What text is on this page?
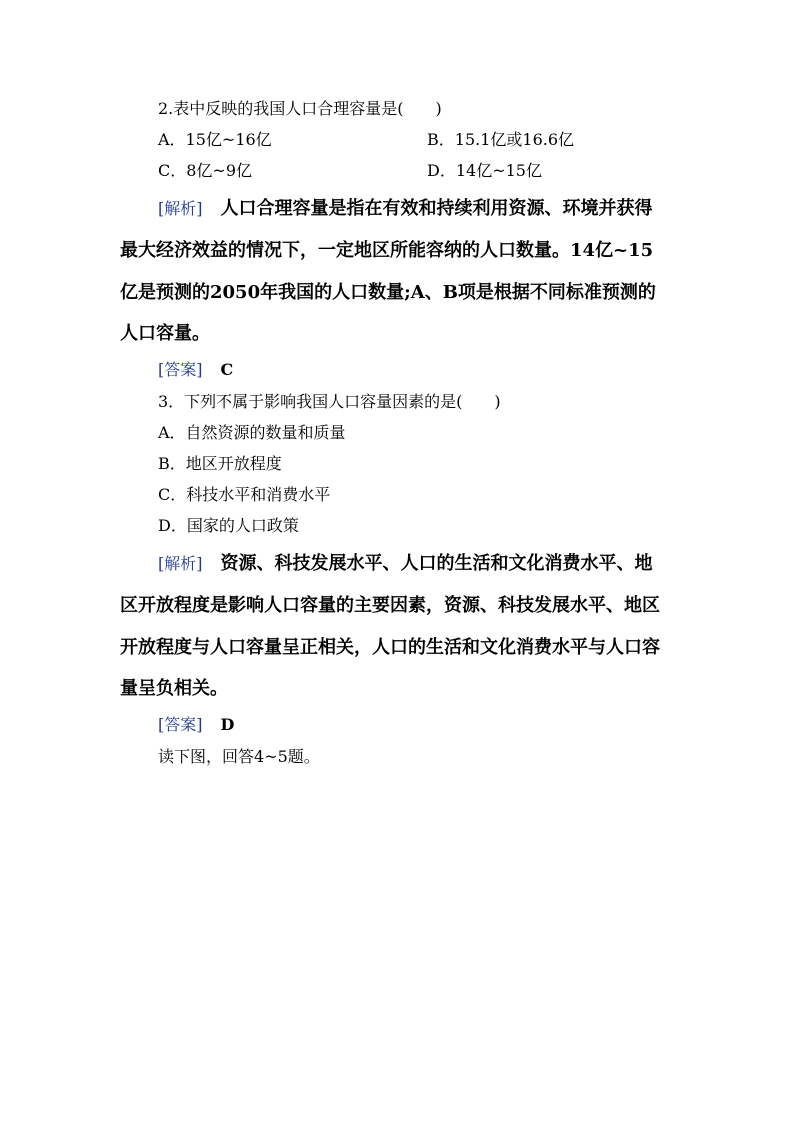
2.表中反映的我国人口合理容量是(　　)
A．15亿~16亿	B．15.1亿或16.6亿
C．8亿~9亿	D．14亿~15亿
[解析] 人口合理容量是指在有效和持续利用资源、环境并获得
最大经济效益的情况下，一定地区所能容纳的人口数量。14亿~15
亿是预测的2050年我国的人口数量;A、B项是根据不同标准预测的
人口容量。
[答案] C
3．下列不属于影响我国人口容量因素的是(　　)
A．自然资源的数量和质量
B．地区开放程度
C．科技水平和消费水平
D．国家的人口政策
[解析] 资源、科技发展水平、人口的生活和文化消费水平、地
区开放程度是影响人口容量的主要因素，资源、科技发展水平、地区
开放程度与人口容量呈正相关，人口的生活和文化消费水平与人口容
量呈负相关。
[答案] D
读下图，回答4~5题。
